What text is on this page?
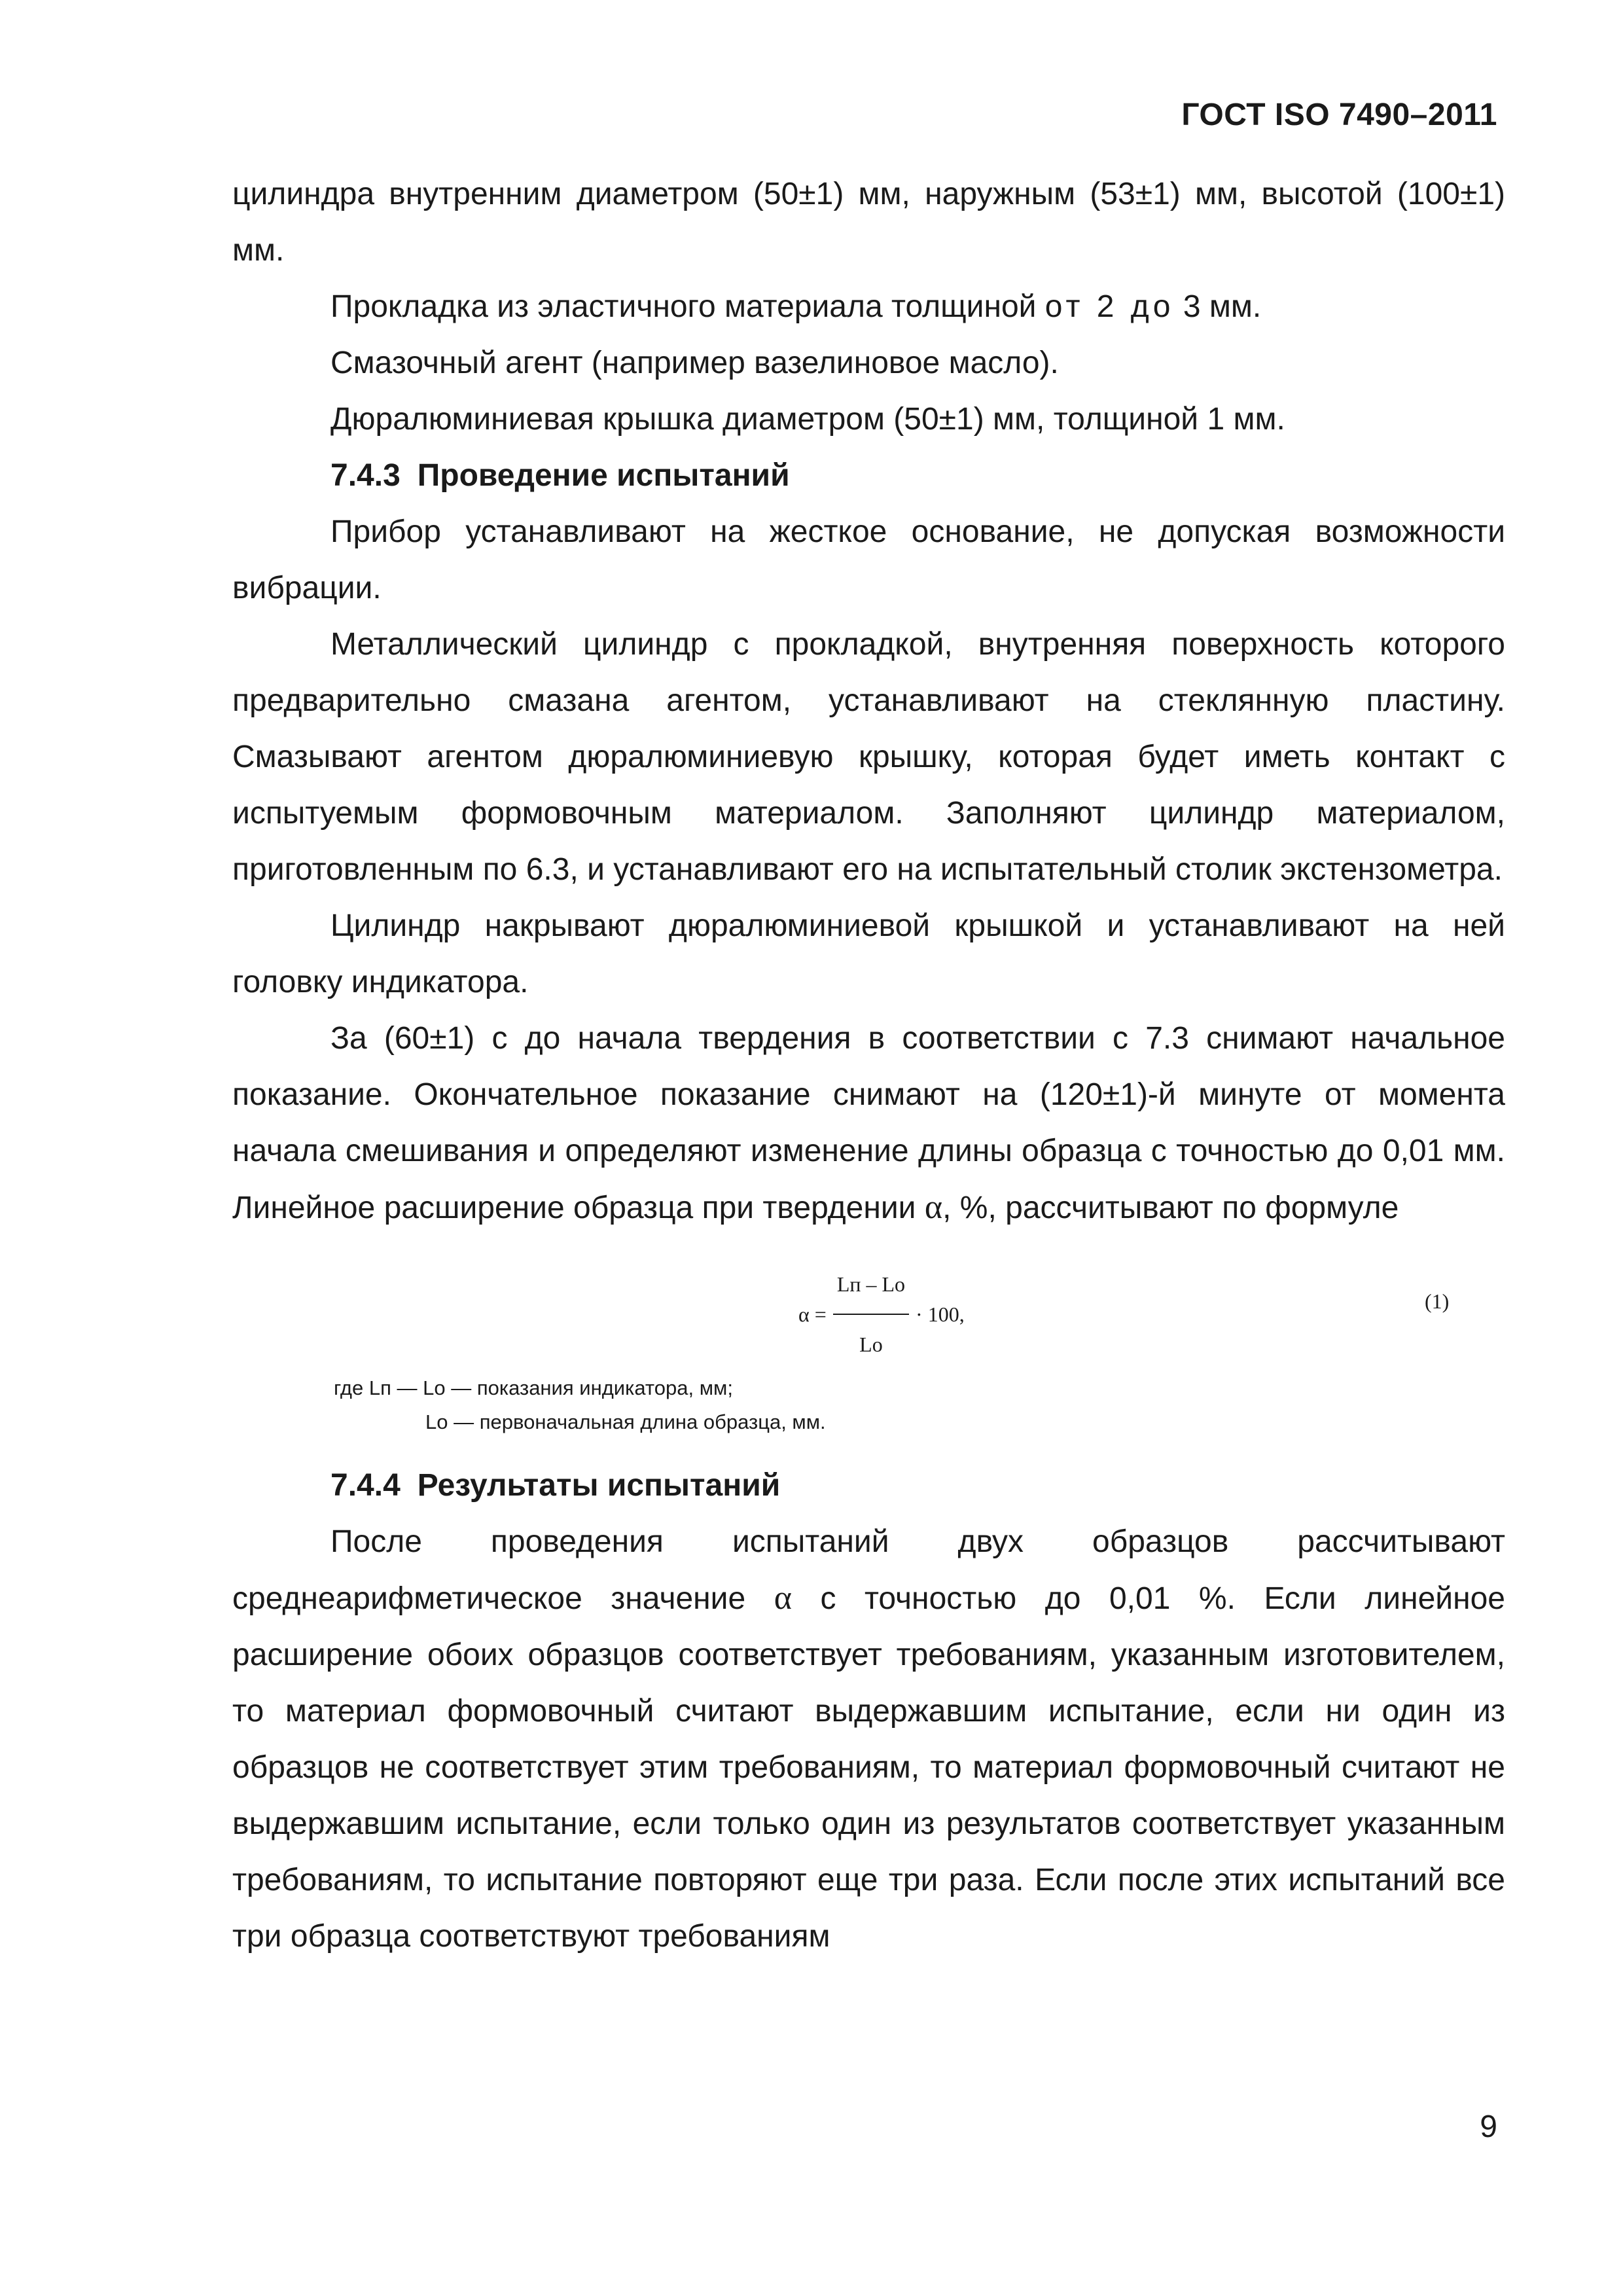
ГОСТ ISO 7490–2011

цилиндра внутренним диаметром (50±1) мм, наружным (53±1) мм, высотой (100±1) мм.

Прокладка из эластичного материала толщиной от 2 до 3 мм.

Смазочный агент (например вазелиновое масло).

Дюралюминиевая крышка диаметром (50±1) мм, толщиной 1 мм.

7.4.3 Проведение испытаний

Прибор устанавливают на жесткое основание, не допуская возможности вибрации.

Металлический цилиндр с прокладкой, внутренняя поверхность которого предварительно смазана агентом, устанавливают на стеклянную пластину. Смазывают агентом дюралюминиевую крышку, которая будет иметь контакт с испытуемым формовочным материалом. Заполняют цилиндр материалом, приготовленным по 6.3, и устанавливают его на испытательный столик экстензометра.

Цилиндр накрывают дюралюминиевой крышкой и устанавливают на ней головку индикатора.

За (60±1) с до начала твердения в соответствии с 7.3 снимают начальное показание. Окончательное показание снимают на (120±1)-й минуте от момента начала смешивания и определяют изменение длины образца с точностью до 0,01 мм. Линейное расширение образца при твердении α, %, рассчитывают по формуле

$\alpha = \frac{Lп - Lо}{Lо} \cdot 100$,
(1)
где Lп — Lо — показания индикатора, мм;
Lо — первоначальная длина образца, мм.

7.4.4 Результаты испытаний

После проведения испытаний двух образцов рассчитывают среднеарифметическое значение α с точностью до 0,01 %. Если линейное расширение обоих образцов соответствует требованиям, указанным изготовителем, то материал формовочный считают выдержавшим испытание, если ни один из образцов не соответствует этим требованиям, то материал формовочный считают не выдержавшим испытание, если только один из результатов соответствует указанным требованиям, то испытание повторяют еще три раза. Если после этих испытаний все три образца соответствуют требованиям

9
